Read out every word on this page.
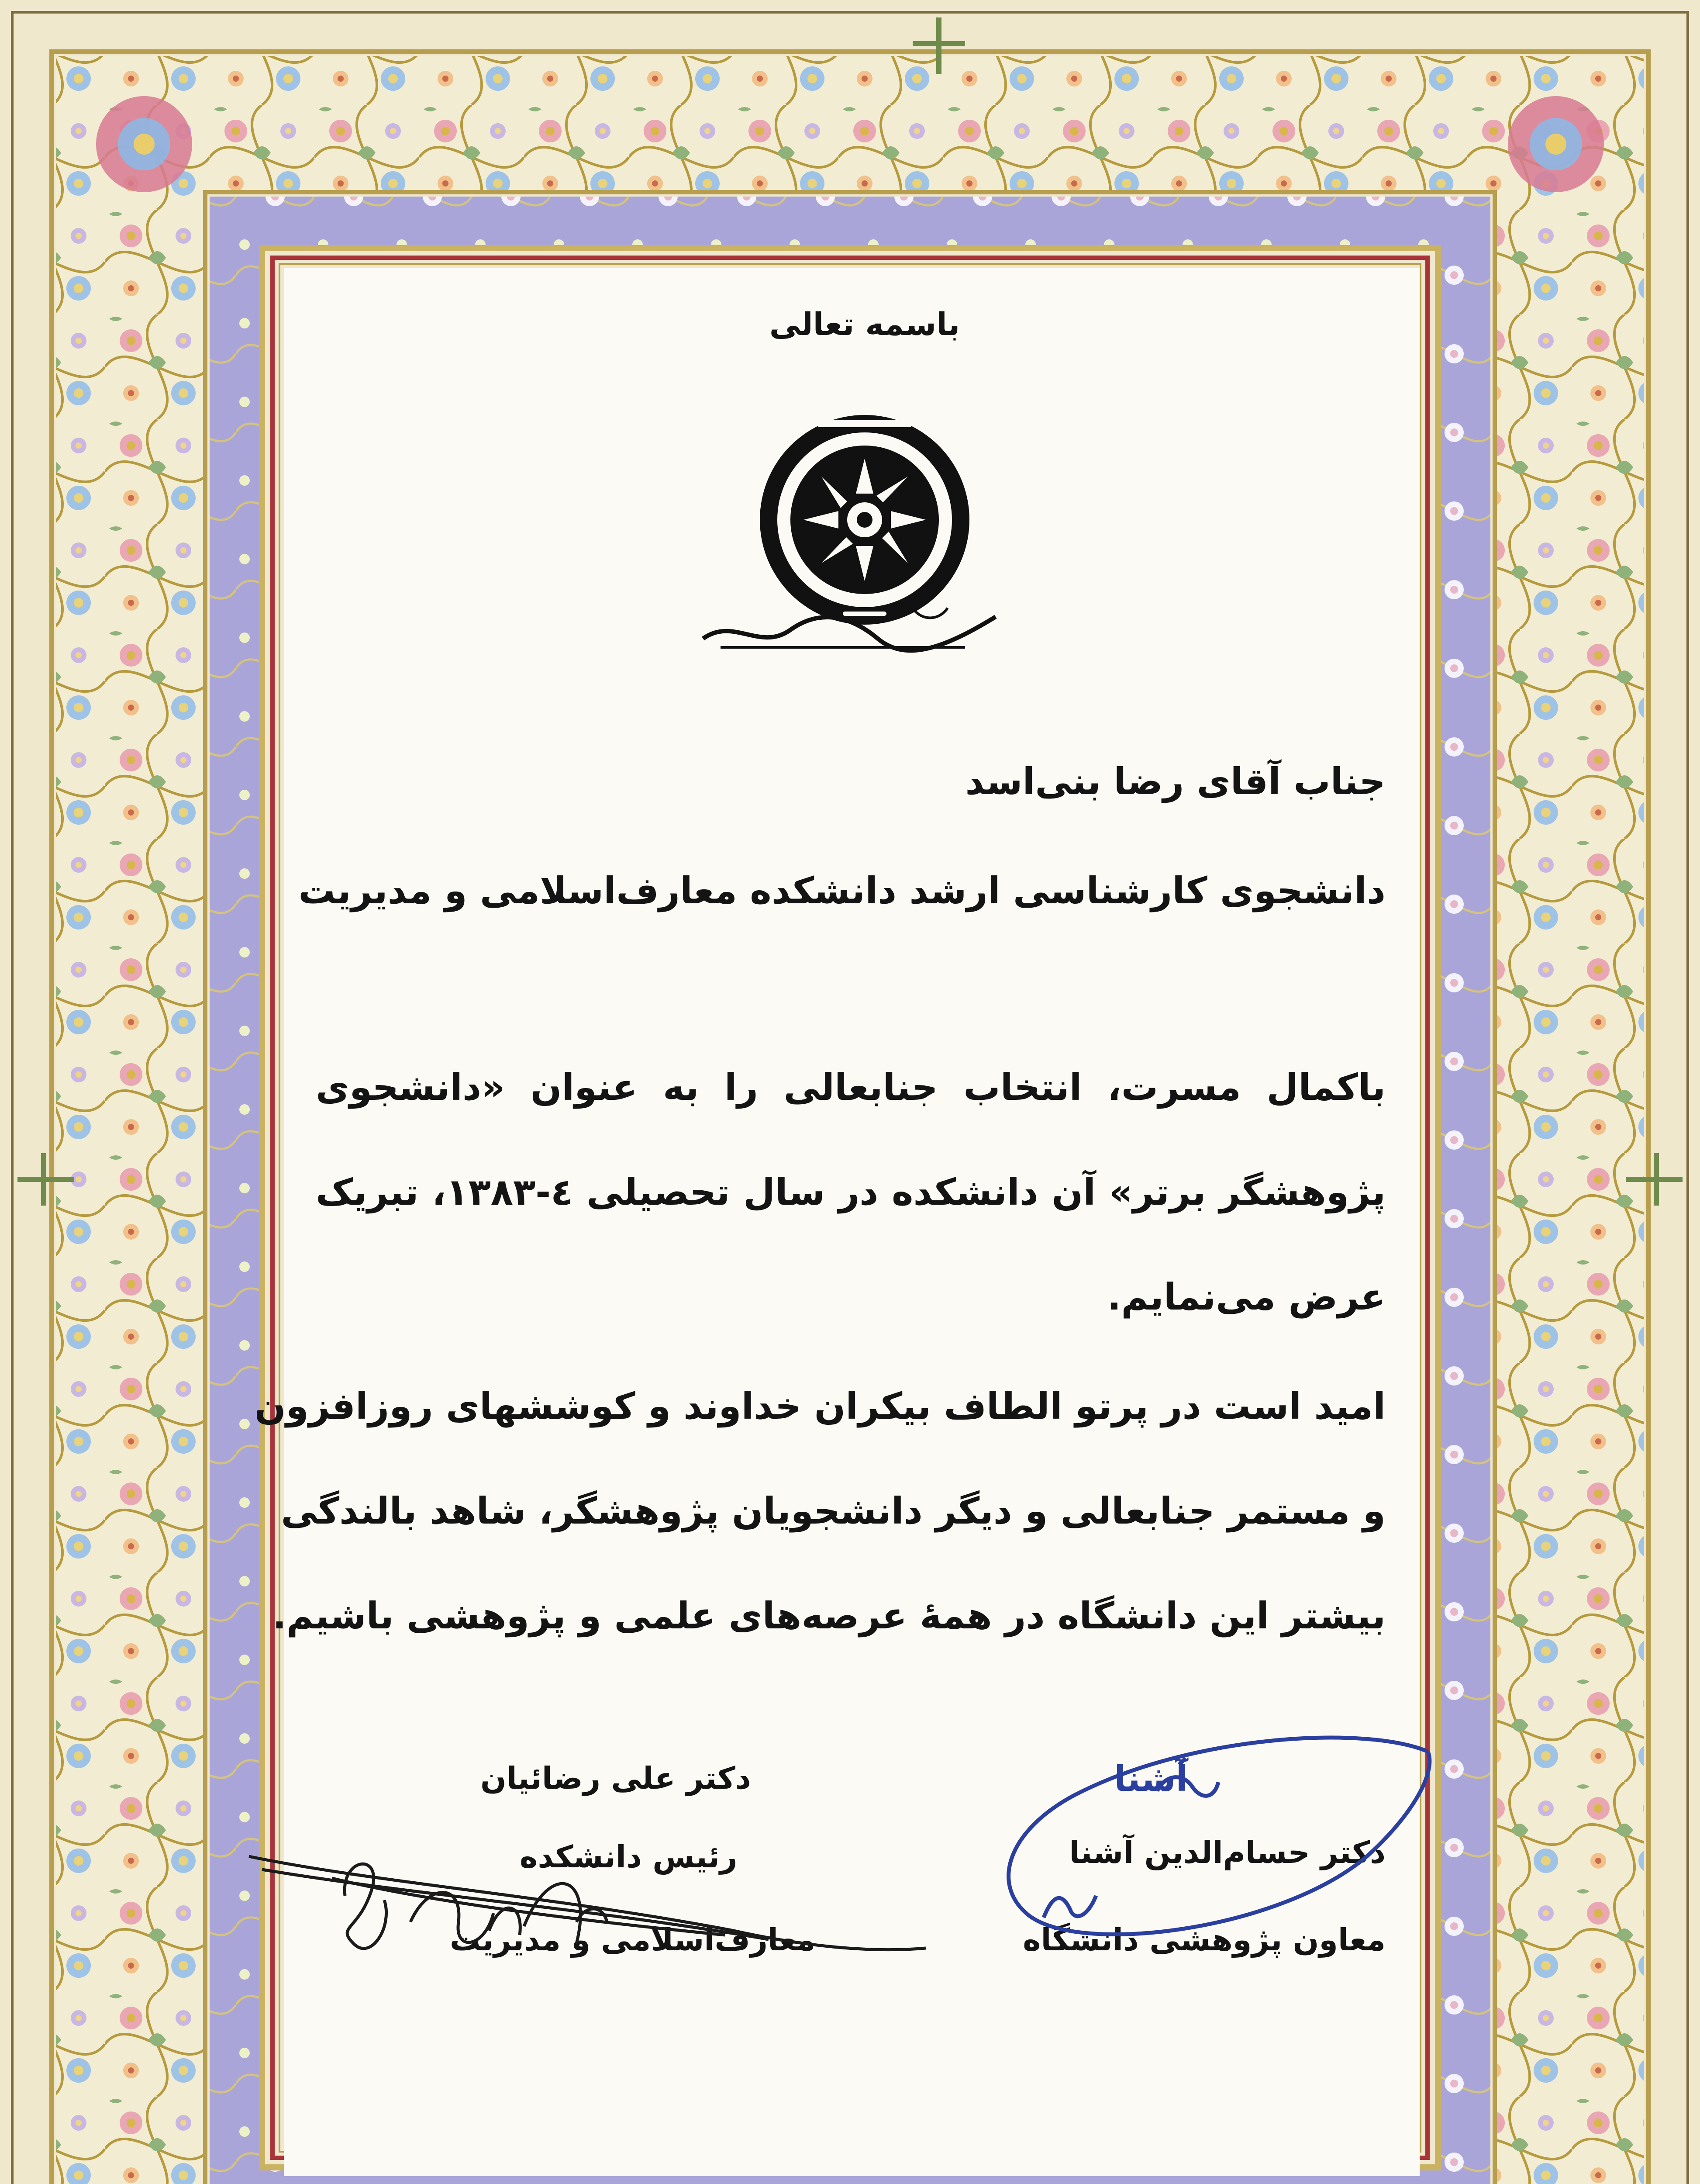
باسمه تعالی
جناب آقای رضا بنی‌اسد
دانشجوی کارشناسی ارشد دانشکده معارف‌اسلامی و مدیریت
باکمال مسرت، انتخاب جنابعالی را به عنوان «دانشجوی
پژوهشگر برتر» آن دانشکده در سال تحصیلی ٤-١٣٨٣، تبریک
عرض می‌نمایم.
امید است در پرتو الطاف بیکران خداوند و کوششهای روزافزون
و مستمر جنابعالی و دیگر دانشجویان پژوهشگر، شاهد بالندگی
بیشتر این دانشگاه در همهٔ عرصه‌های علمی و پژوهشی باشیم.
دکتر علی رضائیان
رئیس دانشکده
معارف‌اسلامی و مدیریت
دکتر حسام‌الدین آشنا
معاون پژوهشی دانشگاه
آشنا
